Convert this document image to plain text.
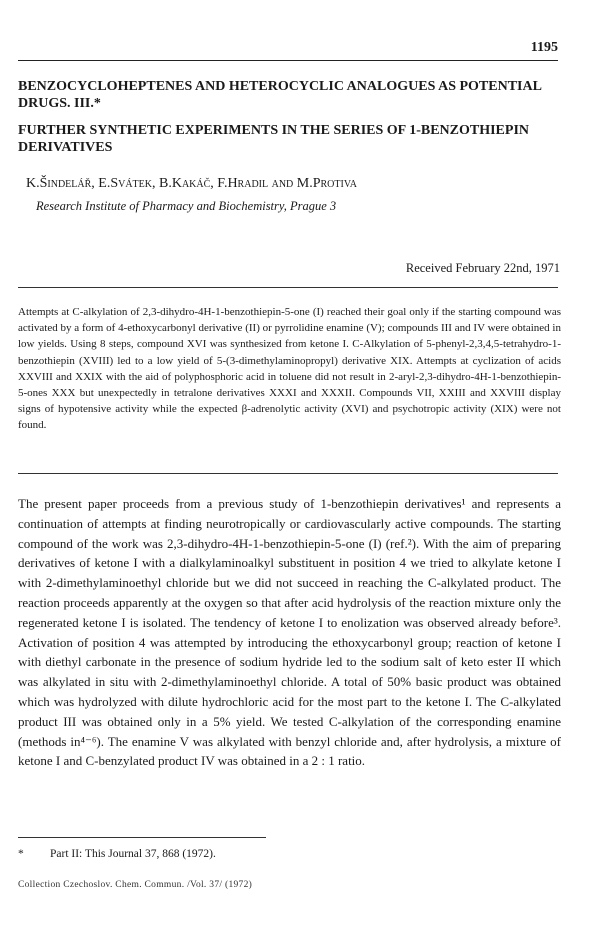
1195
BENZOCYCLOHEPTENES AND HETEROCYCLIC ANALOGUES AS POTENTIAL DRUGS. III.*
FURTHER SYNTHETIC EXPERIMENTS IN THE SERIES OF 1-BENZOTHIEPIN DERIVATIVES
K.Šindelář, E.Svátek, B.Kakáč, F.Hradil and M.Protiva
Research Institute of Pharmacy and Biochemistry, Prague 3
Received February 22nd, 1971

Attempts at C-alkylation of 2,3-dihydro-4H-1-benzothiepin-5-one (I) reached their goal only if the starting compound was activated by a form of 4-ethoxycarbonyl derivative (II) or pyrrolidine enamine (V); compounds III and IV were obtained in low yields. Using 8 steps, compound XVI was synthesized from ketone I. C-Alkylation of 5-phenyl-2,3,4,5-tetrahydro-1-benzothiepin (XVIII) led to a low yield of 5-(3-dimethylaminopropyl) derivative XIX. Attempts at cyclization of acids XXVIII and XXIX with the aid of polyphosphoric acid in toluene did not result in 2-aryl-2,3-dihydro-4H-1-benzothiepin-5-ones XXX but unexpectedly in tetralone derivatives XXXI and XXXII. Compounds VII, XXIII and XXVIII display signs of hypotensive activity while the expected β-adrenolytic activity (XVI) and psychotropic activity (XIX) were not found.

The present paper proceeds from a previous study of 1-benzothiepin derivatives¹ and represents a continuation of attempts at finding neurotropically or cardiovascularly active compounds. The starting compound of the work was 2,3-dihydro-4H-1-benzothiepin-5-one (I) (ref.²). With the aim of preparing derivatives of ketone I with a dialkylaminoalkyl substituent in position 4 we tried to alkylate ketone I with 2-dimethylaminoethyl chloride but we did not succeed in reaching the C-alkylated product. The reaction proceeds apparently at the oxygen so that after acid hydrolysis of the reaction mixture only the regenerated ketone I is isolated. The tendency of ketone I to enolization was observed already before³. Activation of position 4 was attempted by introducing the ethoxycarbonyl group; reaction of ketone I with diethyl carbonate in the presence of sodium hydride led to the sodium salt of keto ester II which was alkylated in situ with 2-dimethylaminoethyl chloride. A total of 50% basic product was obtained which was hydrolyzed with dilute hydrochloric acid for the most part to the ketone I. The C-alkylated product III was obtained only in a 5% yield. We tested C-alkylation of the corresponding enamine (methods in⁴⁻⁶). The enamine V was alkylated with benzyl chloride and, after hydrolysis, a mixture of ketone I and C-benzylated product IV was obtained in a 2 : 1 ratio.

* Part II: This Journal 37, 868 (1972).
Collection Czechoslov. Chem. Commun. /Vol. 37/ (1972)
